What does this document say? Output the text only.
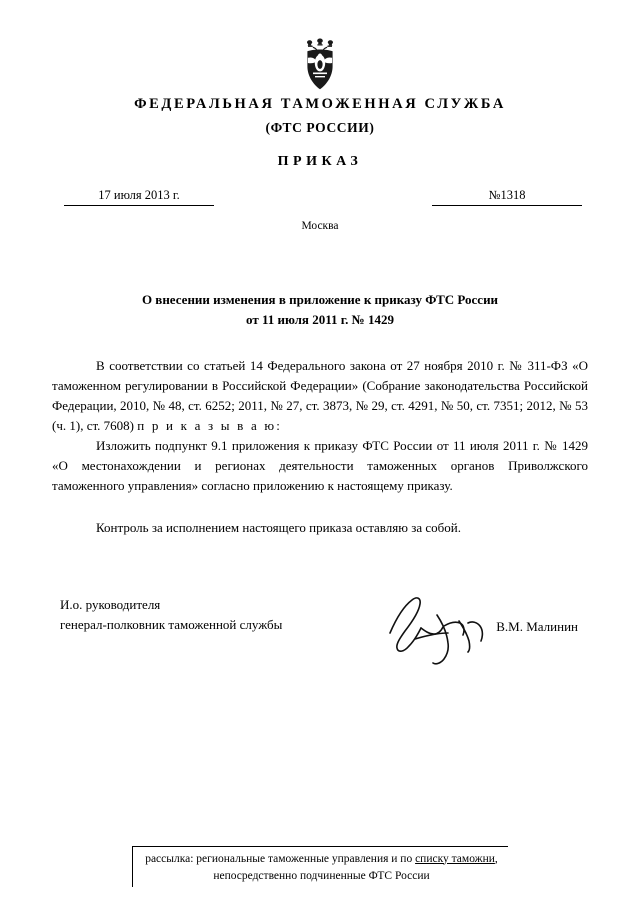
ФЕДЕРАЛЬНАЯ ТАМОЖЕННАЯ СЛУЖБА
(ФТС РОССИИ)
ПРИКАЗ
17 июля 2013 г.	№1318
Москва
О внесении изменения в приложение к приказу ФТС России
от 11 июля 2011 г. № 1429

В соответствии со статьей 14 Федерального закона от 27 ноября 2010 г. № 311-ФЗ «О таможенном регулировании в Российской Федерации» (Собрание законодательства Российской Федерации, 2010, № 48, ст. 6252; 2011, № 27, ст. 3873, № 29, ст. 4291, № 50, ст. 7351; 2012, № 53 (ч. 1), ст. 7608) п р и к а з ы в а ю:

Изложить подпункт 9.1 приложения к приказу ФТС России от 11 июля 2011 г. № 1429 «О местонахождении и регионах деятельности таможенных органов Приволжского таможенного управления» согласно приложению к настоящему приказу.

Контроль за исполнением настоящего приказа оставляю за собой.
И.о. руководителя
генерал-полковник таможенной службы	В.М. Малинин
рассылка: региональные таможенные управления и по списку таможни,
непосредственно подчиненные ФТС России
